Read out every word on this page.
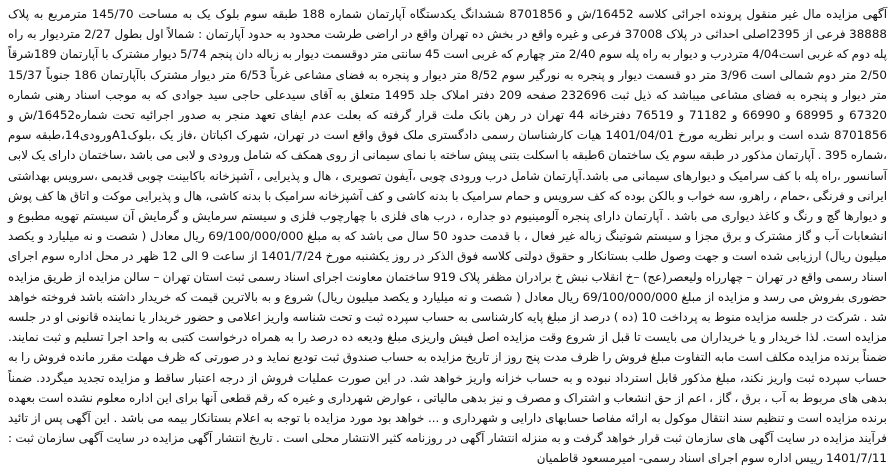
آگهی مزایده مال غیر منقول پرونده اجرائی کلاسه 16452/ش و 8701856 ششدانگ یکدستگاه آپارتمان شماره 188 طبقه سوم بلوک یک به مساحت 145/70 مترمربع به پلاک 38888 فرعی از 2395اصلی احداثی در پلاک 37008 فرعی و غیره واقع در بخش ده تهران واقع در اراضی طرشت محدود به حدود آپارتمان : شمالاً اول بطول 2/27 متردیوار به راه پله دوم که غربی است4/04 متردرب و دیوار به راه پله سوم 2/40 متر چهارم که غربی است 45 سانتی متر دوقسمت دیوار به زباله دان پنجم 5/74 دیوار مشترک با آپارتمان 189شرقاً 2/50 متر دوم شمالی است 3/96 متر دو قسمت دیوار و پنجره به نورگیر سوم 8/52 متر دیوار و پنجره به فضای مشاعی غرباً 6/53 متر دیوار مشترک باآپارتمان 186 جنوباً 15/37 متر دیوار و پنجره به فضای مشاعی میباشد که ذیل ثبت 232696 صفحه 209 دفتر املاک جلد 1495 متعلق به آقای سیدعلی حاجی سید جوادی که به موجب اسناد رهنی شماره 67320 و 68995 و 66990 و 71182 و 76519 دفترخانه 44 تهران در رهن بانک ملت قرار گرفته که بعلت عدم ایفای تعهد منجر به صدور اجرائیه تحت شماره16452/ش و 8701856 شده است و برابر نظریه مورخ 1401/04/01 هیات کارشناسان رسمی دادگستری ملک فوق واقع است در تهران، شهرک اکباتان ،فاز یک ،بلوکA1ورودی14،طبقه سوم ،شماره 395 . آپارتمان مذکور در طبقه سوم یک ساختمان 6طبقه با اسکلت بتنی پیش ساخته با نمای سیمانی از روی همکف که شامل ورودی و لابی می باشد ،ساختمان دارای یک لابی آسانسور ،راه پله با کف سرامیک و دیوارهای سیمانی می باشد.آپارتمان شامل درب ورودی چوبی ،آیفون تصویری ، هال و پذیرایی ، آشپزخانه باکابینت چوبی قدیمی ،سرویس بهداشتی ایرانی و فرنگی ،حمام ، راهرو، سه خواب و بالکن بوده که کف سرویس و حمام سرامیک با بدنه کاشی و کف آشپزخانه سرامیک با بدنه کاشی، هال و پذیرایی موکت و اتاق ها کف پوش و دیوارها گچ و رنگ و کاغذ دیواری می باشد . آپارتمان دارای پنجره آلومینیوم دو جداره ، درب های فلزی با چهارچوب فلزی و سیستم سرمایش و گرمایش آن سیستم تهویه مطبوع و انشعابات آب و گاز مشترک و برق مجزا و سیستم شوتینگ زباله غیر فعال ، با قدمت حدود 50 سال می باشد که به مبلغ 69/100/000/000 ریال معادل ( شصت و نه میلیارد و یکصد میلیون ریال) ارزیابی شده است و جهت وصول طلب بستانکار و حقوق دولتی کلاسه فوق الذکر در روز یکشنبه مورخ 1401/7/24 از ساعت 9 الی 12 ظهر در محل اداره سوم اجرای اسناد رسمی واقع در تهران – چهارراه ولیعصر(عج) –خ انقلاب نبش خ برادران مظفر پلاک 919 ساختمان معاونت اجرای اسناد رسمی ثبت استان تهران – سالن مزایده از طریق مزایده حضوری بفروش می رسد و مزایده از مبلغ 69/100/000/000 ریال معادل ( شصت و نه میلیارد و یکصد میلیون ریال) شروع و به بالاترین قیمت که خریدار داشته باشد فروخته خواهد شد . شرکت در جلسه مزایده منوط به پرداخت 10 (ده ) درصد از مبلغ پایه کارشناسی به حساب سپرده ثبت و تحت شناسه واریز اعلامی و حضور خریدار یا نماینده قانونی او در جلسه مزایده است. لذا خریدار و یا خریداران می بایست تا قبل از شروع وقت مزایده اصل فیش واریزی مبلغ ودیعه ده درصد را به همراه درخواست کتبی به واحد اجرا تسلیم و ثبت نمایند. ضمناً برنده مزایده مکلف است مابه التفاوت مبلغ فروش را ظرف مدت پنج روز از تاریخ مزایده به حساب صندوق ثبت تودیع نماید و در صورتی که ظرف مهلت مقرر مانده فروش را به حساب سپرده ثبت واریز نکند، مبلغ مذکور قابل استرداد نبوده و به حساب خزانه واریز خواهد شد. در این صورت عملیات فروش از درجه اعتبار ساقط و مزایده تجدید میگردد. ضمناً بدهی های مربوط به آب ، برق ، گاز ، اعم از حق انشعاب و اشتراک و مصرف و نیز بدهی مالیاتی ، عوارض شهرداری و غیره که رقم قطعی آنها برای این اداره معلوم نشده است بعهده برنده مزایده است و تنظیم سند انتقال موکول به ارائه مفاصا حسابهای دارایی و شهرداری و ... خواهد بود مورد مزایده با توجه به اعلام بستانکار بیمه می باشد . این آگهی پس از تائید فرآیند مزایده در سایت آگهی های سازمان ثبت قرار خواهد گرفت و به منزله انتشار آگهی در روزنامه کثیر الانتشار محلی است . تاریخ انتشار آگهی مزایده در سایت آگهی سازمان ثبت : 1401/7/11 رییس اداره سوم اجرای اسناد رسمی- امیرمسعود قاطمیان
